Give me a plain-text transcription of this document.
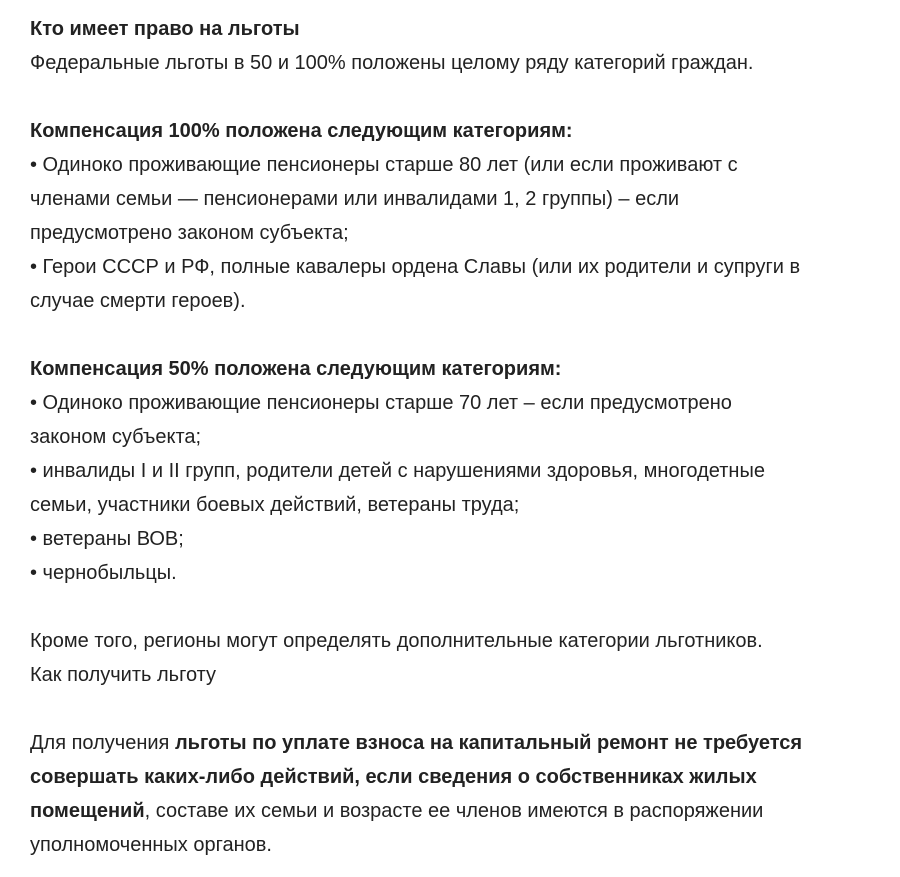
Кто имеет право на льготы
Федеральные льготы в 50 и 100% положены целому ряду категорий граждан.
Компенсация 100% положена следующим категориям:
• Одиноко проживающие пенсионеры старше 80 лет (или если проживают с
членами семьи — пенсионерами или инвалидами 1, 2 группы) – если
предусмотрено законом субъекта;
• Герои СССР и РФ, полные кавалеры ордена Славы (или их родители и супруги в
случае смерти героев).
Компенсация 50% положена следующим категориям:
• Одиноко проживающие пенсионеры старше 70 лет – если предусмотрено
законом субъекта;
• инвалиды I и II групп, родители детей с нарушениями здоровья, многодетные
семьи, участники боевых действий, ветераны труда;
• ветераны ВОВ;
• чернобыльцы.
Кроме того, регионы могут определять дополнительные категории льготников.
Как получить льготу
Для получения льготы по уплате взноса на капитальный ремонт не требуется
совершать каких-либо действий, если сведения о собственниках жилых
помещений, составе их семьи и возрасте ее членов имеются в распоряжении
уполномоченных органов.
